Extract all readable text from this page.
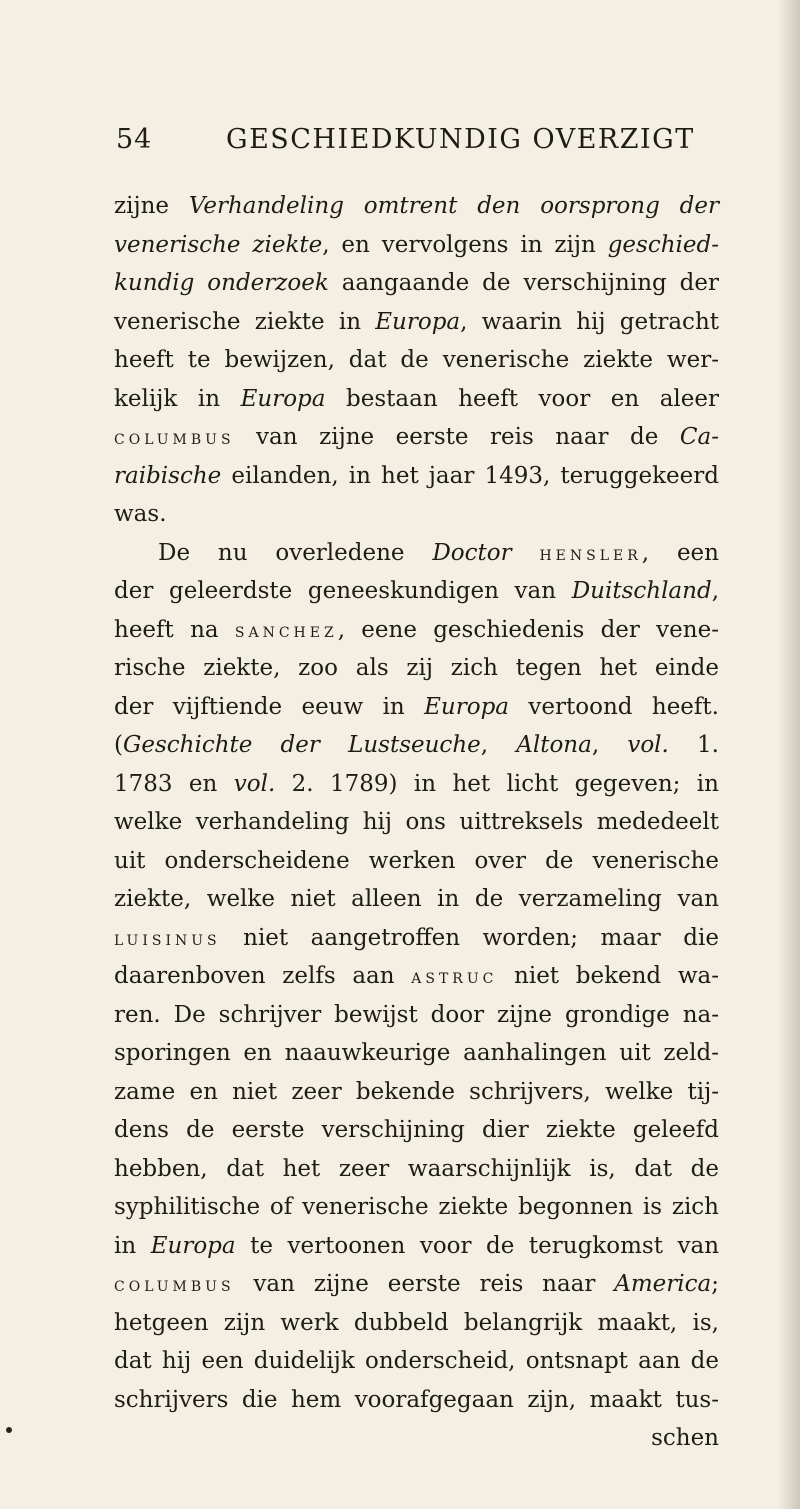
54	GESCHIEDKUNDIG OVERZIGT
zijne Verhandeling omtrent den oorsprong der
venerische ziekte, en vervolgens in zijn geschied-
kundig onderzoek aangaande de verschijning der
venerische ziekte in Europa, waarin hij getracht
heeft te bewijzen, dat de venerische ziekte wer-
kelijk in Europa bestaan heeft voor en aleer
columbus van zijne eerste reis naar de Ca-
raibische eilanden, in het jaar 1493, teruggekeerd
was.
De nu overledene Doctor hensler, een
der geleerdste geneeskundigen van Duitschland,
heeft na sanchez, eene geschiedenis der vene-
rische ziekte, zoo als zij zich tegen het einde
der vijftiende eeuw in Europa vertoond heeft.
(Geschichte der Lustseuche, Altona, vol. 1.
1783 en vol. 2. 1789) in het licht gegeven; in
welke verhandeling hij ons uittreksels mededeelt
uit onderscheidene werken over de venerische
ziekte, welke niet alleen in de verzameling van
luisinus niet aangetroffen worden; maar die
daarenboven zelfs aan astruc niet bekend wa-
ren. De schrijver bewijst door zijne grondige na-
sporingen en naauwkeurige aanhalingen uit zeld-
zame en niet zeer bekende schrijvers, welke tij-
dens de eerste verschijning dier ziekte geleefd
hebben, dat het zeer waarschijnlijk is, dat de
syphilitische of venerische ziekte begonnen is zich
in Europa te vertoonen voor de terugkomst van
columbus van zijne eerste reis naar America;
hetgeen zijn werk dubbeld belangrijk maakt, is,
dat hij een duidelijk onderscheid, ontsnapt aan de
schrijvers die hem voorafgegaan zijn, maakt tus-
schen
